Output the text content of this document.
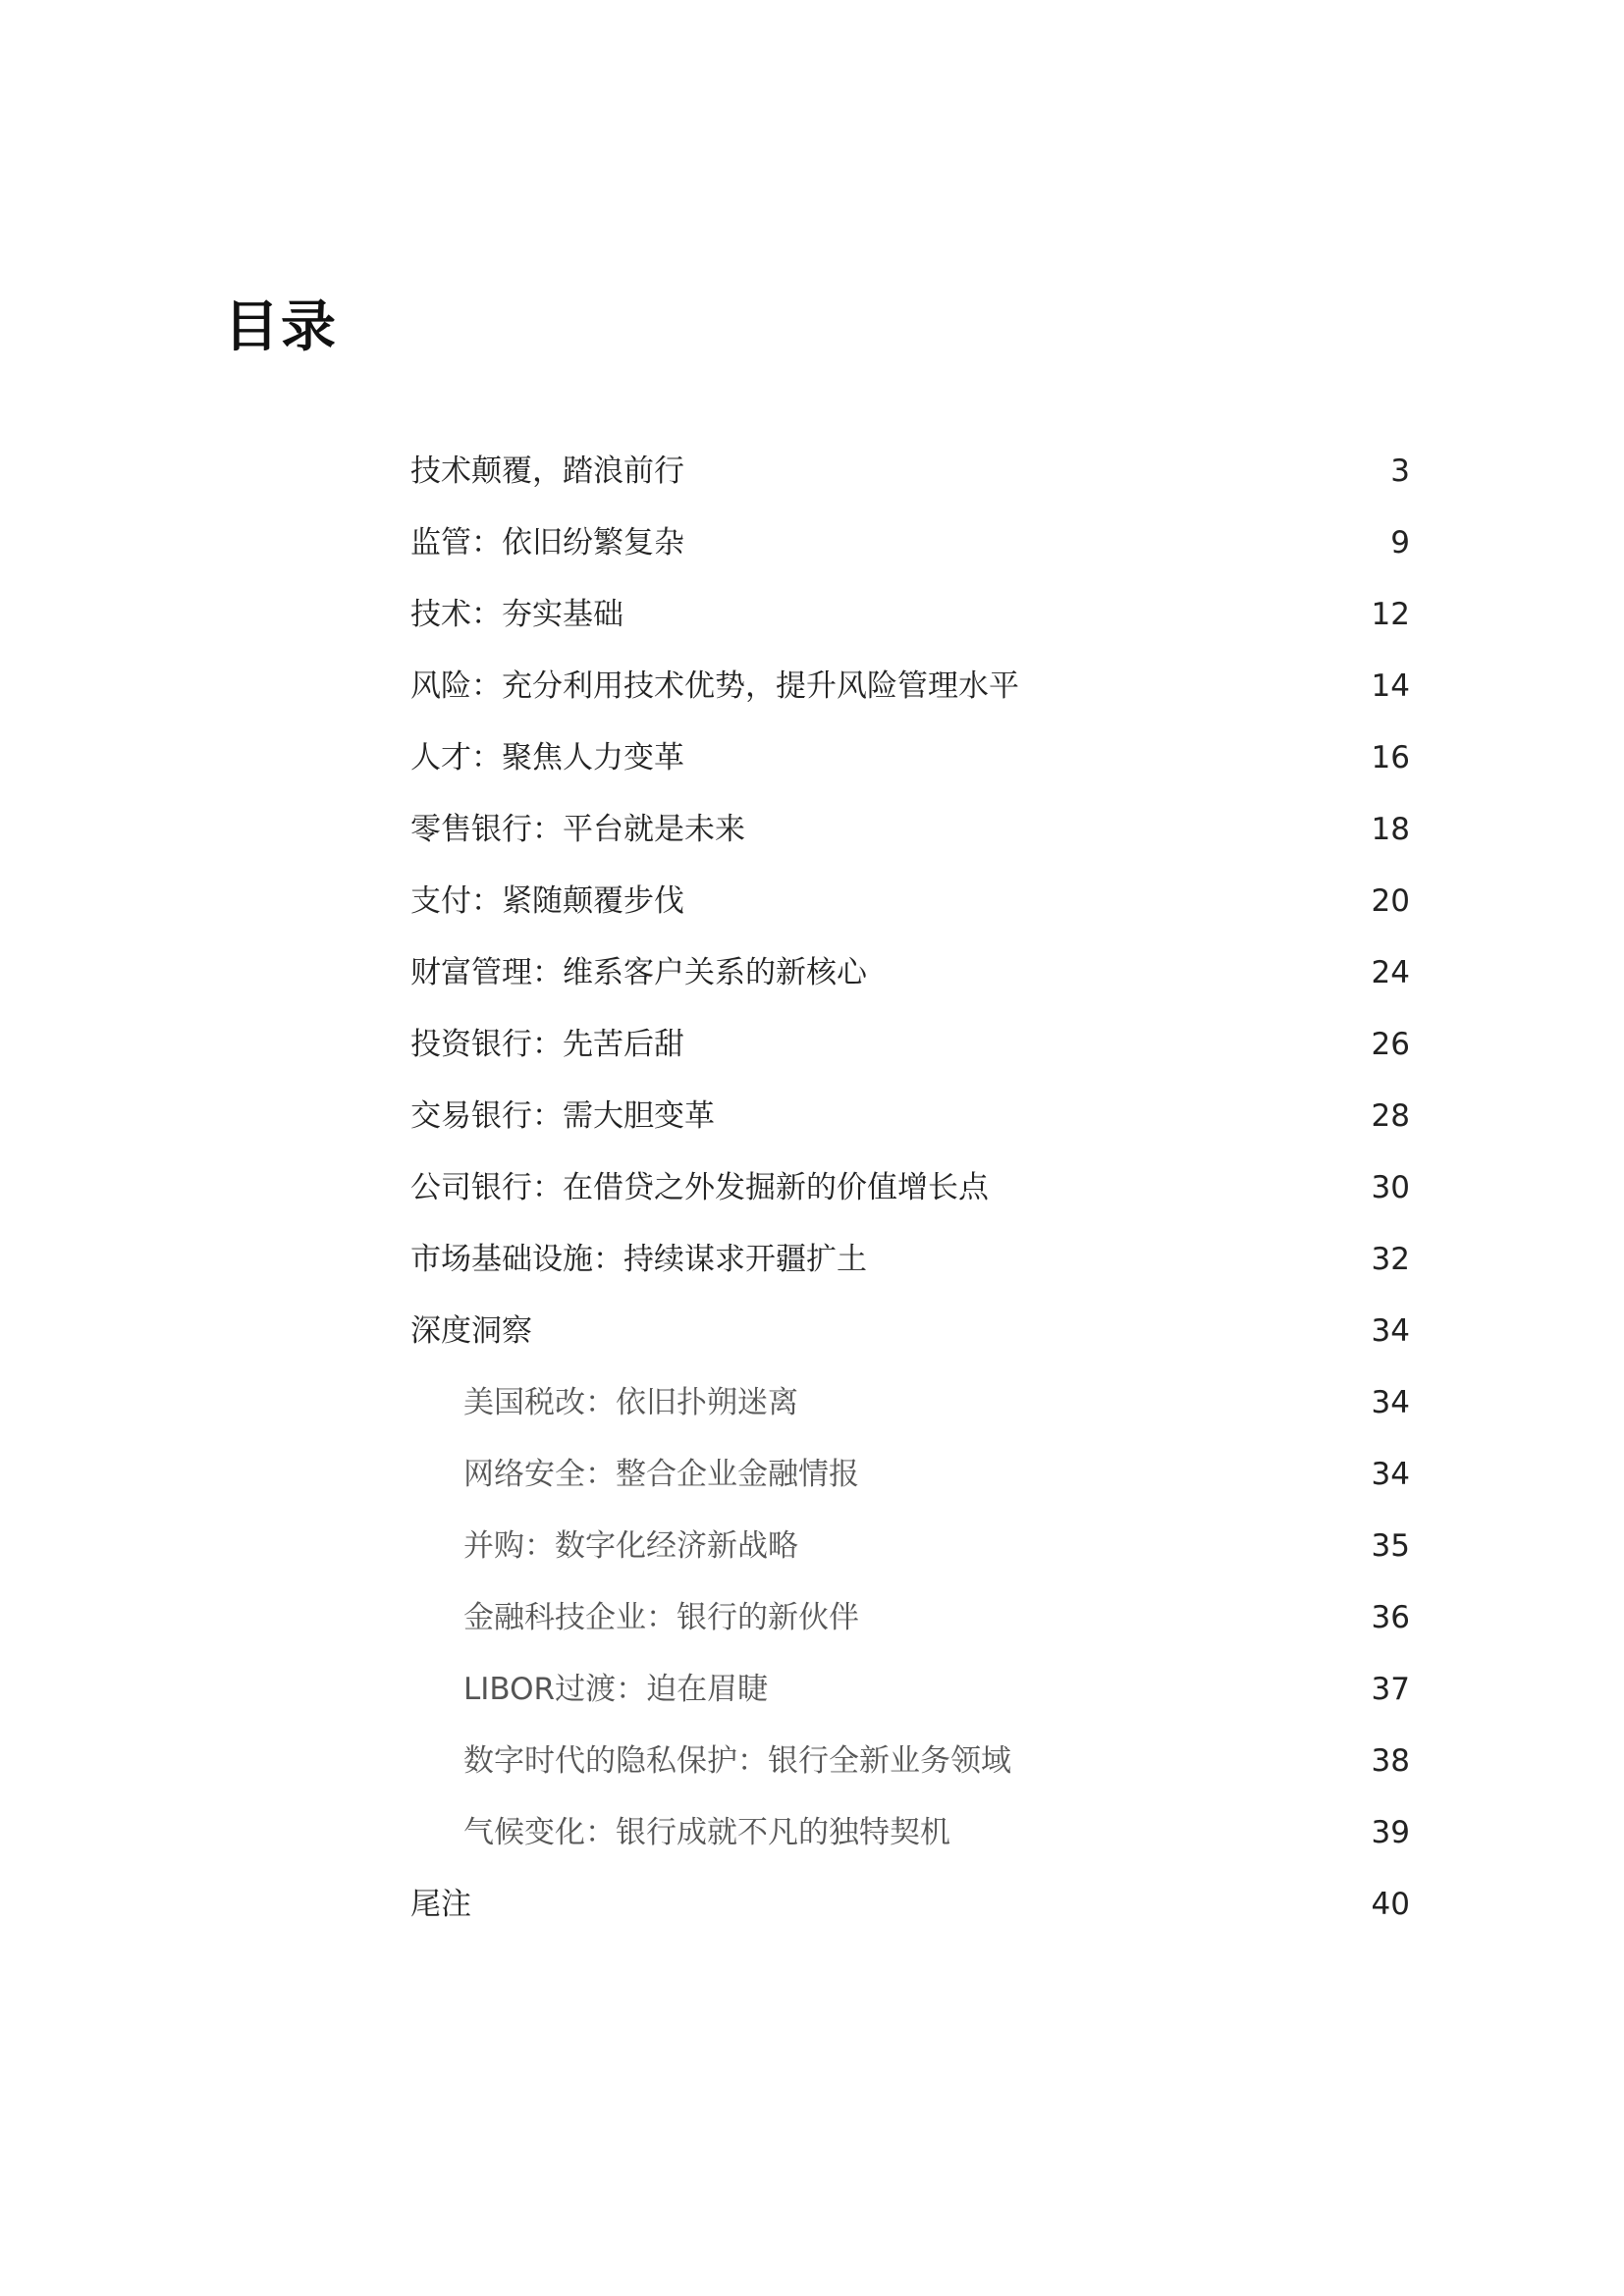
目录
技术颠覆，踏浪前行	3
监管：依旧纷繁复杂	9
技术：夯实基础	12
风险：充分利用技术优势，提升风险管理水平	14
人才：聚焦人力变革	16
零售银行：平台就是未来	18
支付：紧随颠覆步伐	20
财富管理：维系客户关系的新核心	24
投资银行：先苦后甜	26
交易银行：需大胆变革	28
公司银行：在借贷之外发掘新的价值增长点	30
市场基础设施：持续谋求开疆扩土	32
深度洞察	34
美国税改：依旧扑朔迷离	34
网络安全：整合企业金融情报	34
并购：数字化经济新战略	35
金融科技企业：银行的新伙伴	36
LIBOR过渡：迫在眉睫	37
数字时代的隐私保护：银行全新业务领域	38
气候变化：银行成就不凡的独特契机	39
尾注	40
